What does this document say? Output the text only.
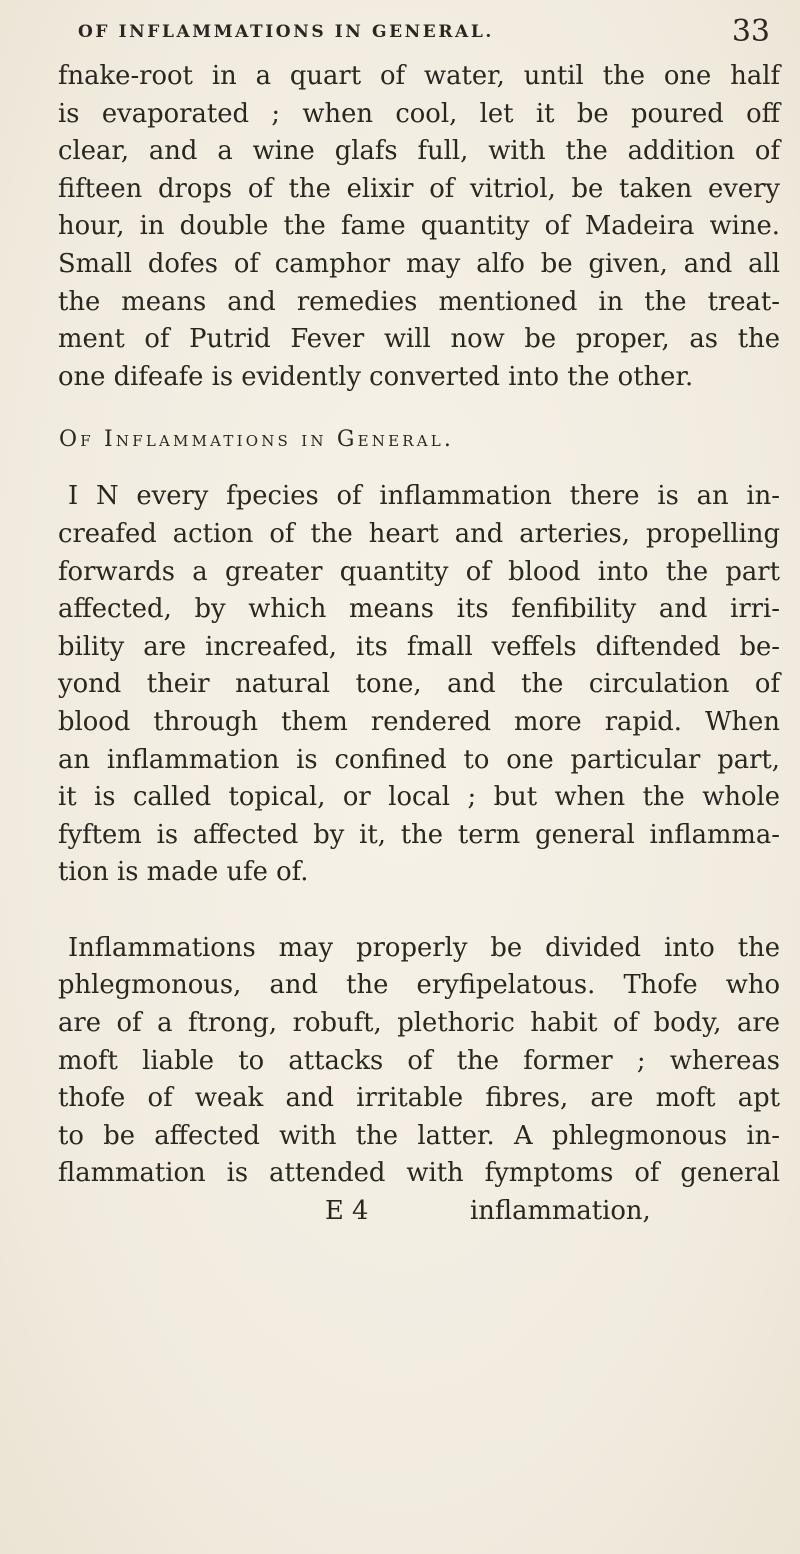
OF INFLAMMATIONS IN GENERAL.	33
fnake-root in a quart of water, until the one half
is evaporated ; when cool, let it be poured off
clear, and a wine glafs full, with the addition of
fifteen drops of the elixir of vitriol, be taken every
hour, in double the fame quantity of Madeira wine.
Small dofes of camphor may alfo be given, and all
the means and remedies mentioned in the treat-
ment of Putrid Fever will now be proper, as the
one difeafe is evidently converted into the other.
Of Inflammations in General.
I N every fpecies of inflammation there is an in-
creafed action of the heart and arteries, propelling
forwards a greater quantity of blood into the part
affected, by which means its fenfibility and irri-
bility are increafed, its fmall veffels diftended be-
yond their natural tone, and the circulation of
blood through them rendered more rapid. When
an inflammation is confined to one particular part,
it is called topical, or local ; but when the whole
fyftem is affected by it, the term general inflamma-
tion is made ufe of.
Inflammations may properly be divided into the
phlegmonous, and the eryfipelatous. Thofe who
are of a ftrong, robuft, plethoric habit of body, are
moft liable to attacks of the former ; whereas
thofe of weak and irritable fibres, are moft apt
to be affected with the latter. A phlegmonous in-
flammation is attended with fymptoms of general
E 4	inflammation,
